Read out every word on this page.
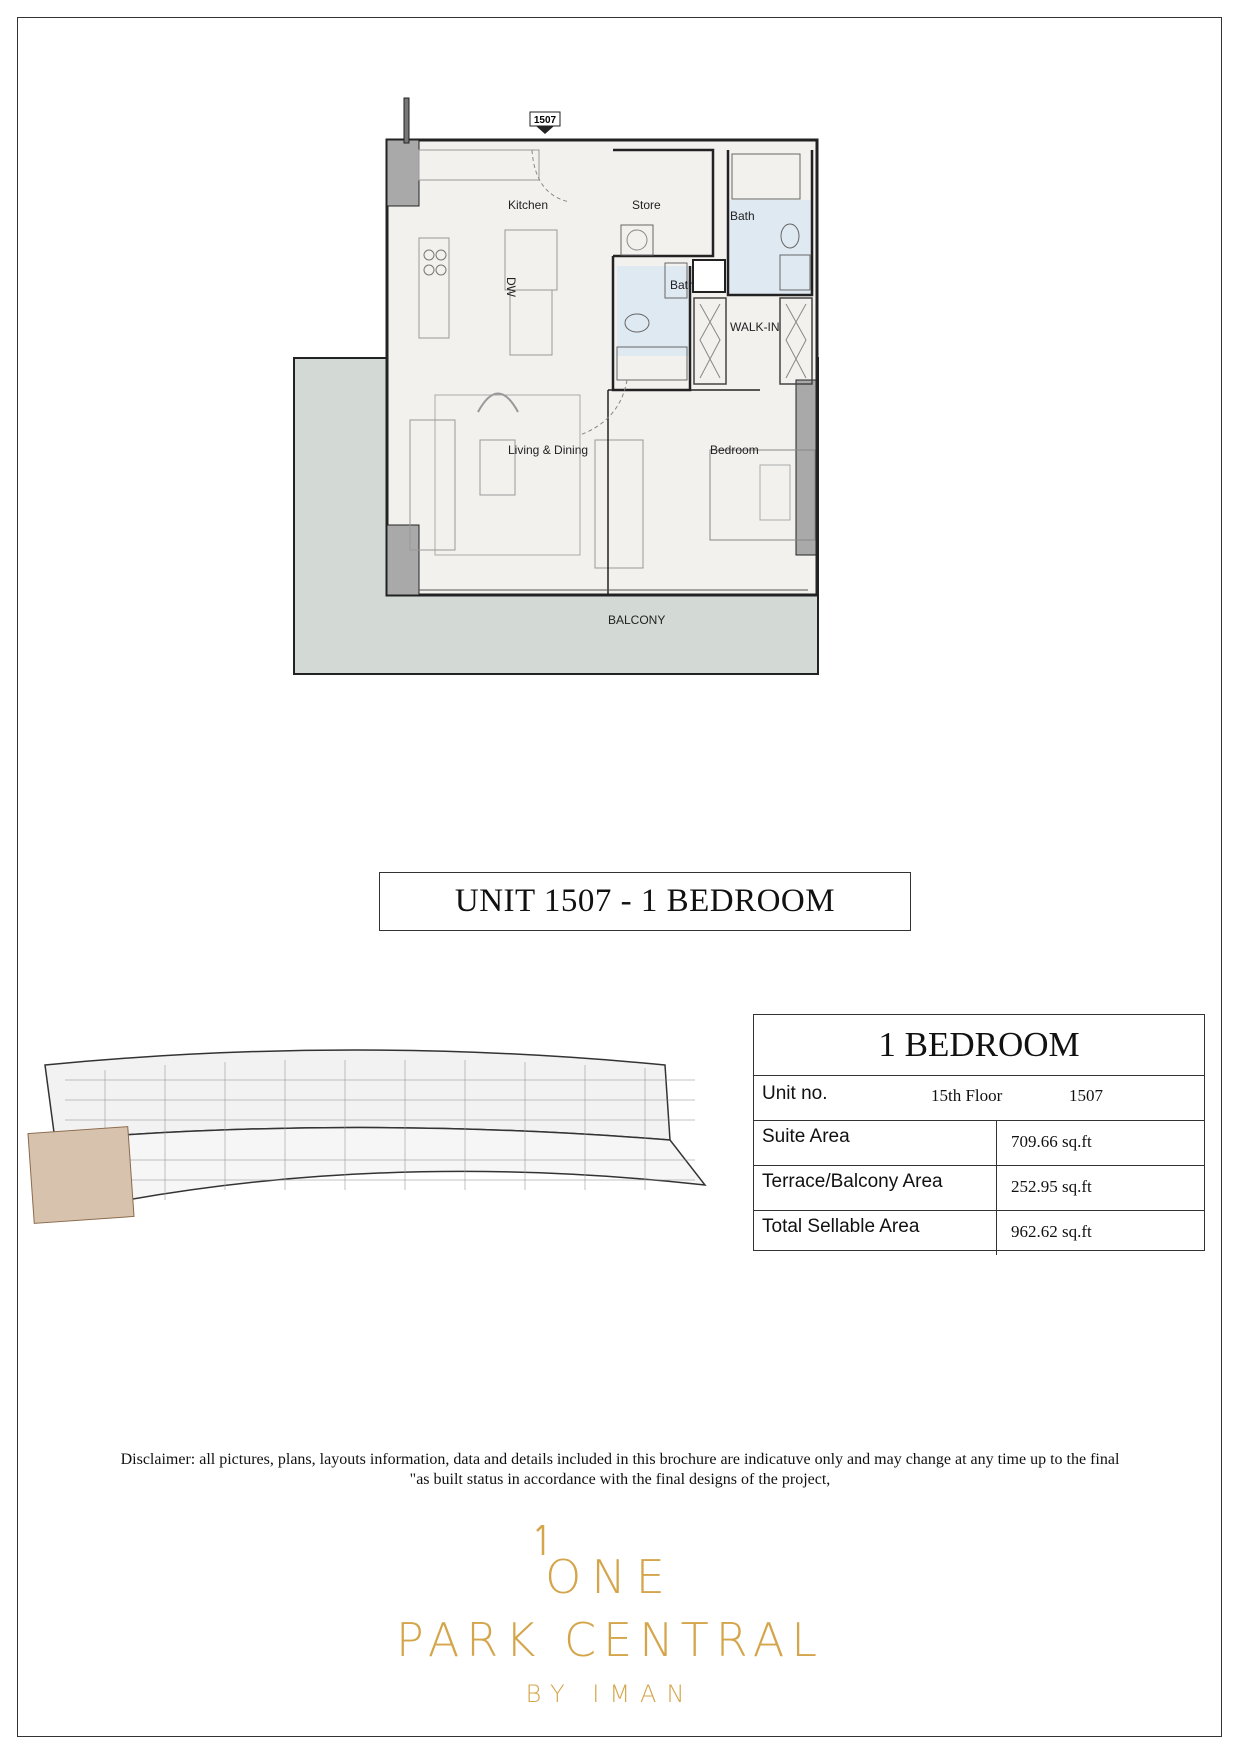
1507
Kitchen
DW
Store
Bath
Bath
WALK-IN
Living & Dining	Bedroom
BALCONY
UNIT 1507 - 1 BEDROOM
1 BEDROOM
Unit no.	15th Floor	1507
Suite Area	709.66 sq.ft
Terrace/Balcony Area	252.95 sq.ft
Total Sellable Area	962.62 sq.ft
Disclaimer: all pictures, plans, layouts information, data and details included in this brochure are indicatuve only and may change at any time up to the final
"as built status in accordance with the final designs of the project,
ONE
PARK CENTRAL
BY IMAN
